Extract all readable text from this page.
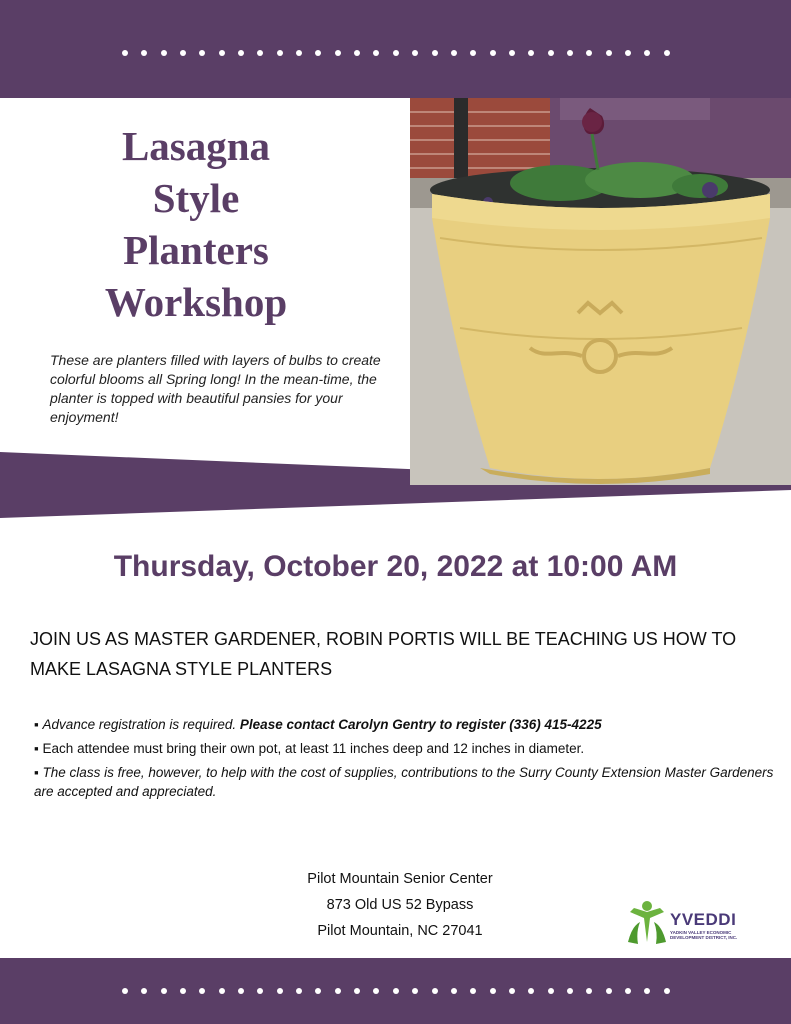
Lasagna
Style
Planters
Workshop
These are planters filled with layers of bulbs to create colorful blooms all Spring long! In the mean-time, the planter is topped with beautiful pansies for your enjoyment!
Thursday, October 20, 2022 at 10:00 AM
JOIN US AS MASTER GARDENER, ROBIN PORTIS WILL BE TEACHING US HOW TO MAKE LASAGNA STYLE PLANTERS

▪ Advance registration is required. Please contact Carolyn Gentry to register (336) 415-4225

▪ Each attendee must bring their own pot, at least 11 inches deep and 12 inches in diameter.

▪ The class is free, however, to help with the cost of supplies, contributions to the Surry County Extension Master Gardeners are accepted and appreciated.

Pilot Mountain Senior Center
873 Old US 52 Bypass
Pilot Mountain, NC 27041
YVEDDI
YADKIN VALLEY ECONOMIC DEVELOPMENT DISTRICT, INC.
